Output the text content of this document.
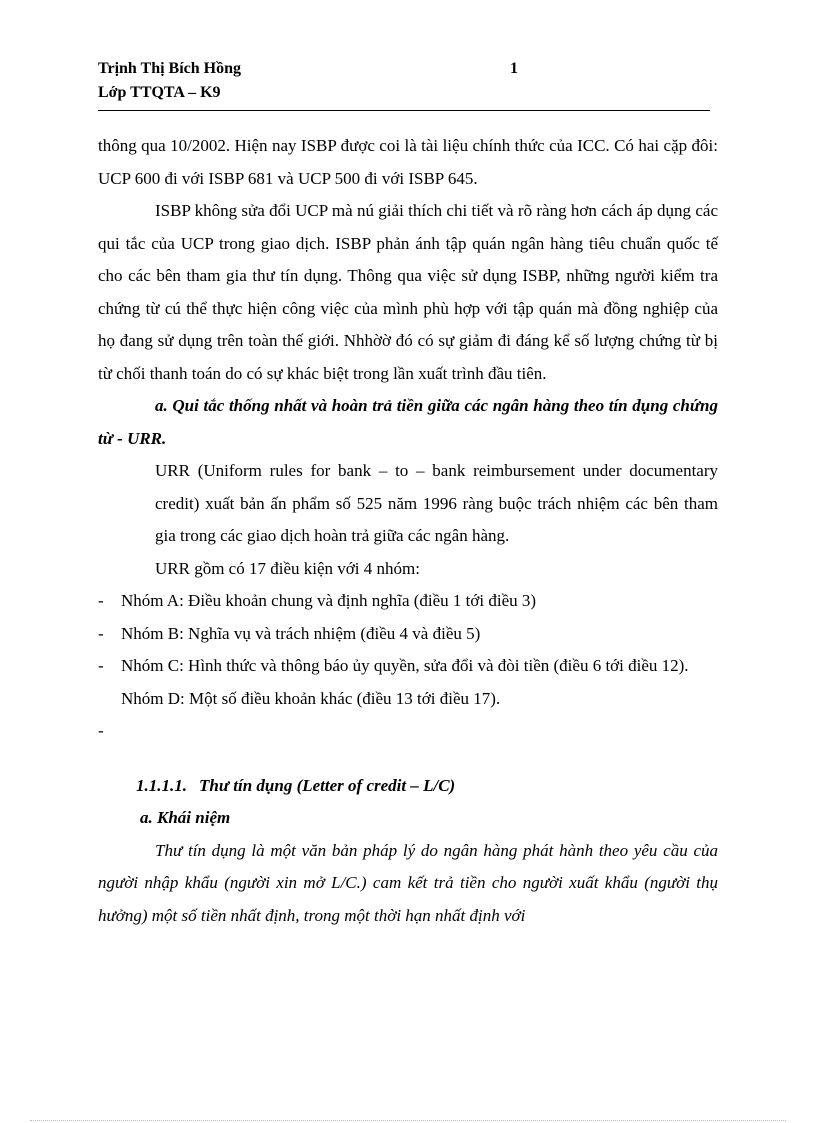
Trịnh Thị Bích Hồng
Lớp TTQTA – K9
1

thông qua 10/2002. Hiện nay ISBP được coi là tài liệu chính thức của ICC. Có hai cặp đôi: UCP 600 đi với ISBP 681 và UCP 500 đi với ISBP 645.

ISBP không sửa đổi UCP mà nú giải thích chi tiết và rõ ràng hơn cách áp dụng các qui tắc của UCP trong giao dịch. ISBP phản ánh tập quán ngân hàng tiêu chuẩn quốc tế cho các bên tham gia thư tín dụng. Thông qua việc sử dụng ISBP, những người kiểm tra chứng từ cú thể thực hiện công việc của mình phù hợp với tập quán mà đồng nghiệp của họ đang sử dụng trên toàn thế giới. Nhhờờ đó có sự giảm đi đáng kể số lượng chứng từ bị từ chối thanh toán do có sự khác biệt trong lần xuất trình đầu tiên.

a. Qui tắc thống nhất và hoàn trả tiền giữa các ngân hàng theo tín dụng chứng từ - URR.

URR (Uniform rules for bank – to – bank reimbursement under documentary credit) xuất bản ấn phẩm số 525 năm 1996 ràng buộc trách nhiệm các bên tham gia trong các giao dịch hoàn trả giữa các ngân hàng.

URR gồm có 17 điều kiện với 4 nhóm:

-	Nhóm A: Điều khoản chung và định nghĩa (điều 1 tới điều 3)
-	Nhóm B: Nghĩa vụ và trách nhiệm (điều 4 và điều 5)
-	Nhóm C: Hình thức và thông báo ủy quyền, sửa đổi và đòi tiền (điều 6 tới điều 12).
Nhóm D: Một số điều khoản khác (điều 13 tới điều 17).
-

1.1.1.1. Thư tín dụng (Letter of credit – L/C)

a. Khái niệm

Thư tín dụng là một văn bản pháp lý do ngân hàng phát hành theo yêu cầu của người nhập khẩu (người xin mở L/C.) cam kết trả tiền cho người xuất khẩu (người thụ hưởng) một số tiền nhất định, trong một thời hạn nhất định với
